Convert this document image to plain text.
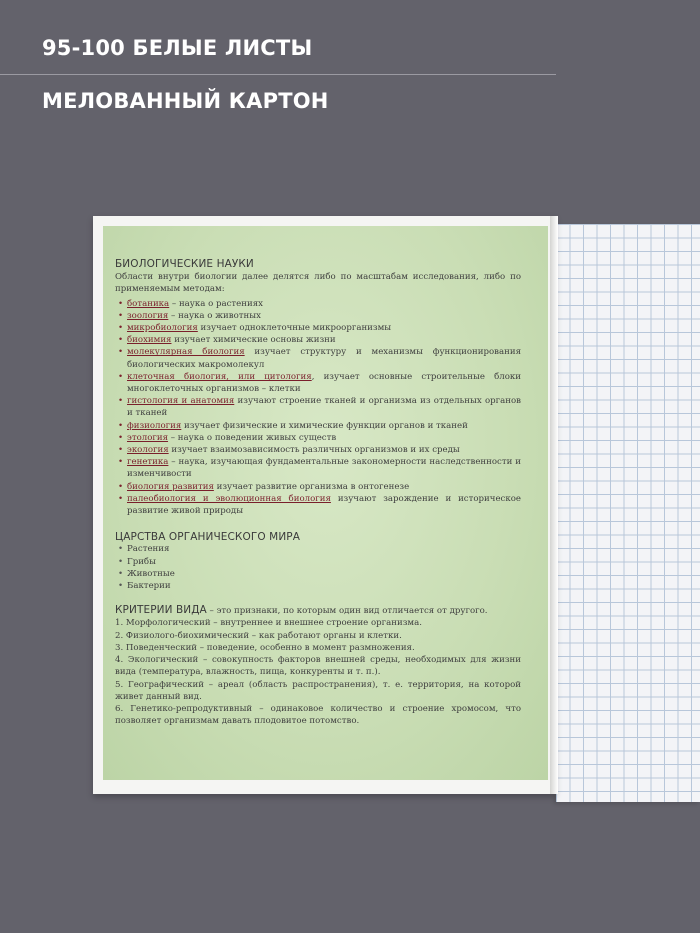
95-100 БЕЛЫЕ ЛИСТЫ
МЕЛОВАННЫЙ КАРТОН
БИОЛОГИЧЕСКИЕ НАУКИ
Области внутри биологии далее делятся либо по масштабам исследования, либо по применяемым методам:
• ботаника – наука о растениях
• зоология – наука о животных
• микробиология изучает одноклеточные микроорганизмы
• биохимия изучает химические основы жизни
• молекулярная биология изучает структуру и механизмы функционирования биологических макромолекул
• клеточная биология, или цитология, изучает основные строительные блоки многоклеточных организмов – клетки
• гистология и анатомия изучают строение тканей и организма из отдельных органов и тканей
• физиология изучает физические и химические функции органов и тканей
• этология – наука о поведении живых существ
• экология изучает взаимозависимость различных организмов и их среды
• генетика – наука, изучающая фундаментальные закономерности наследственности и изменчивости
• биология развития изучает развитие организма в онтогенезе
• палеобиология и эволюционная биология изучают зарождение и историческое развитие живой природы
ЦАРСТВА ОРГАНИЧЕСКОГО МИРА
• Растения
• Грибы
• Животные
• Бактерии
КРИТЕРИИ ВИДА – это признаки, по которым один вид отличается от другого.

1. Морфологический – внутреннее и внешнее строение организма.

2. Физиолого-биохимический – как работают органы и клетки.

3. Поведенческий – поведение, особенно в момент размножения.

4. Экологический – совокупность факторов внешней среды, необходимых для жизни вида (температура, влажность, пища, конкуренты и т. п.).

5. Географический – ареал (область распространения), т. е. территория, на которой живет данный вид.

6. Генетико-репродуктивный – одинаковое количество и строение хромосом, что позволяет организмам давать плодовитое потомство.
